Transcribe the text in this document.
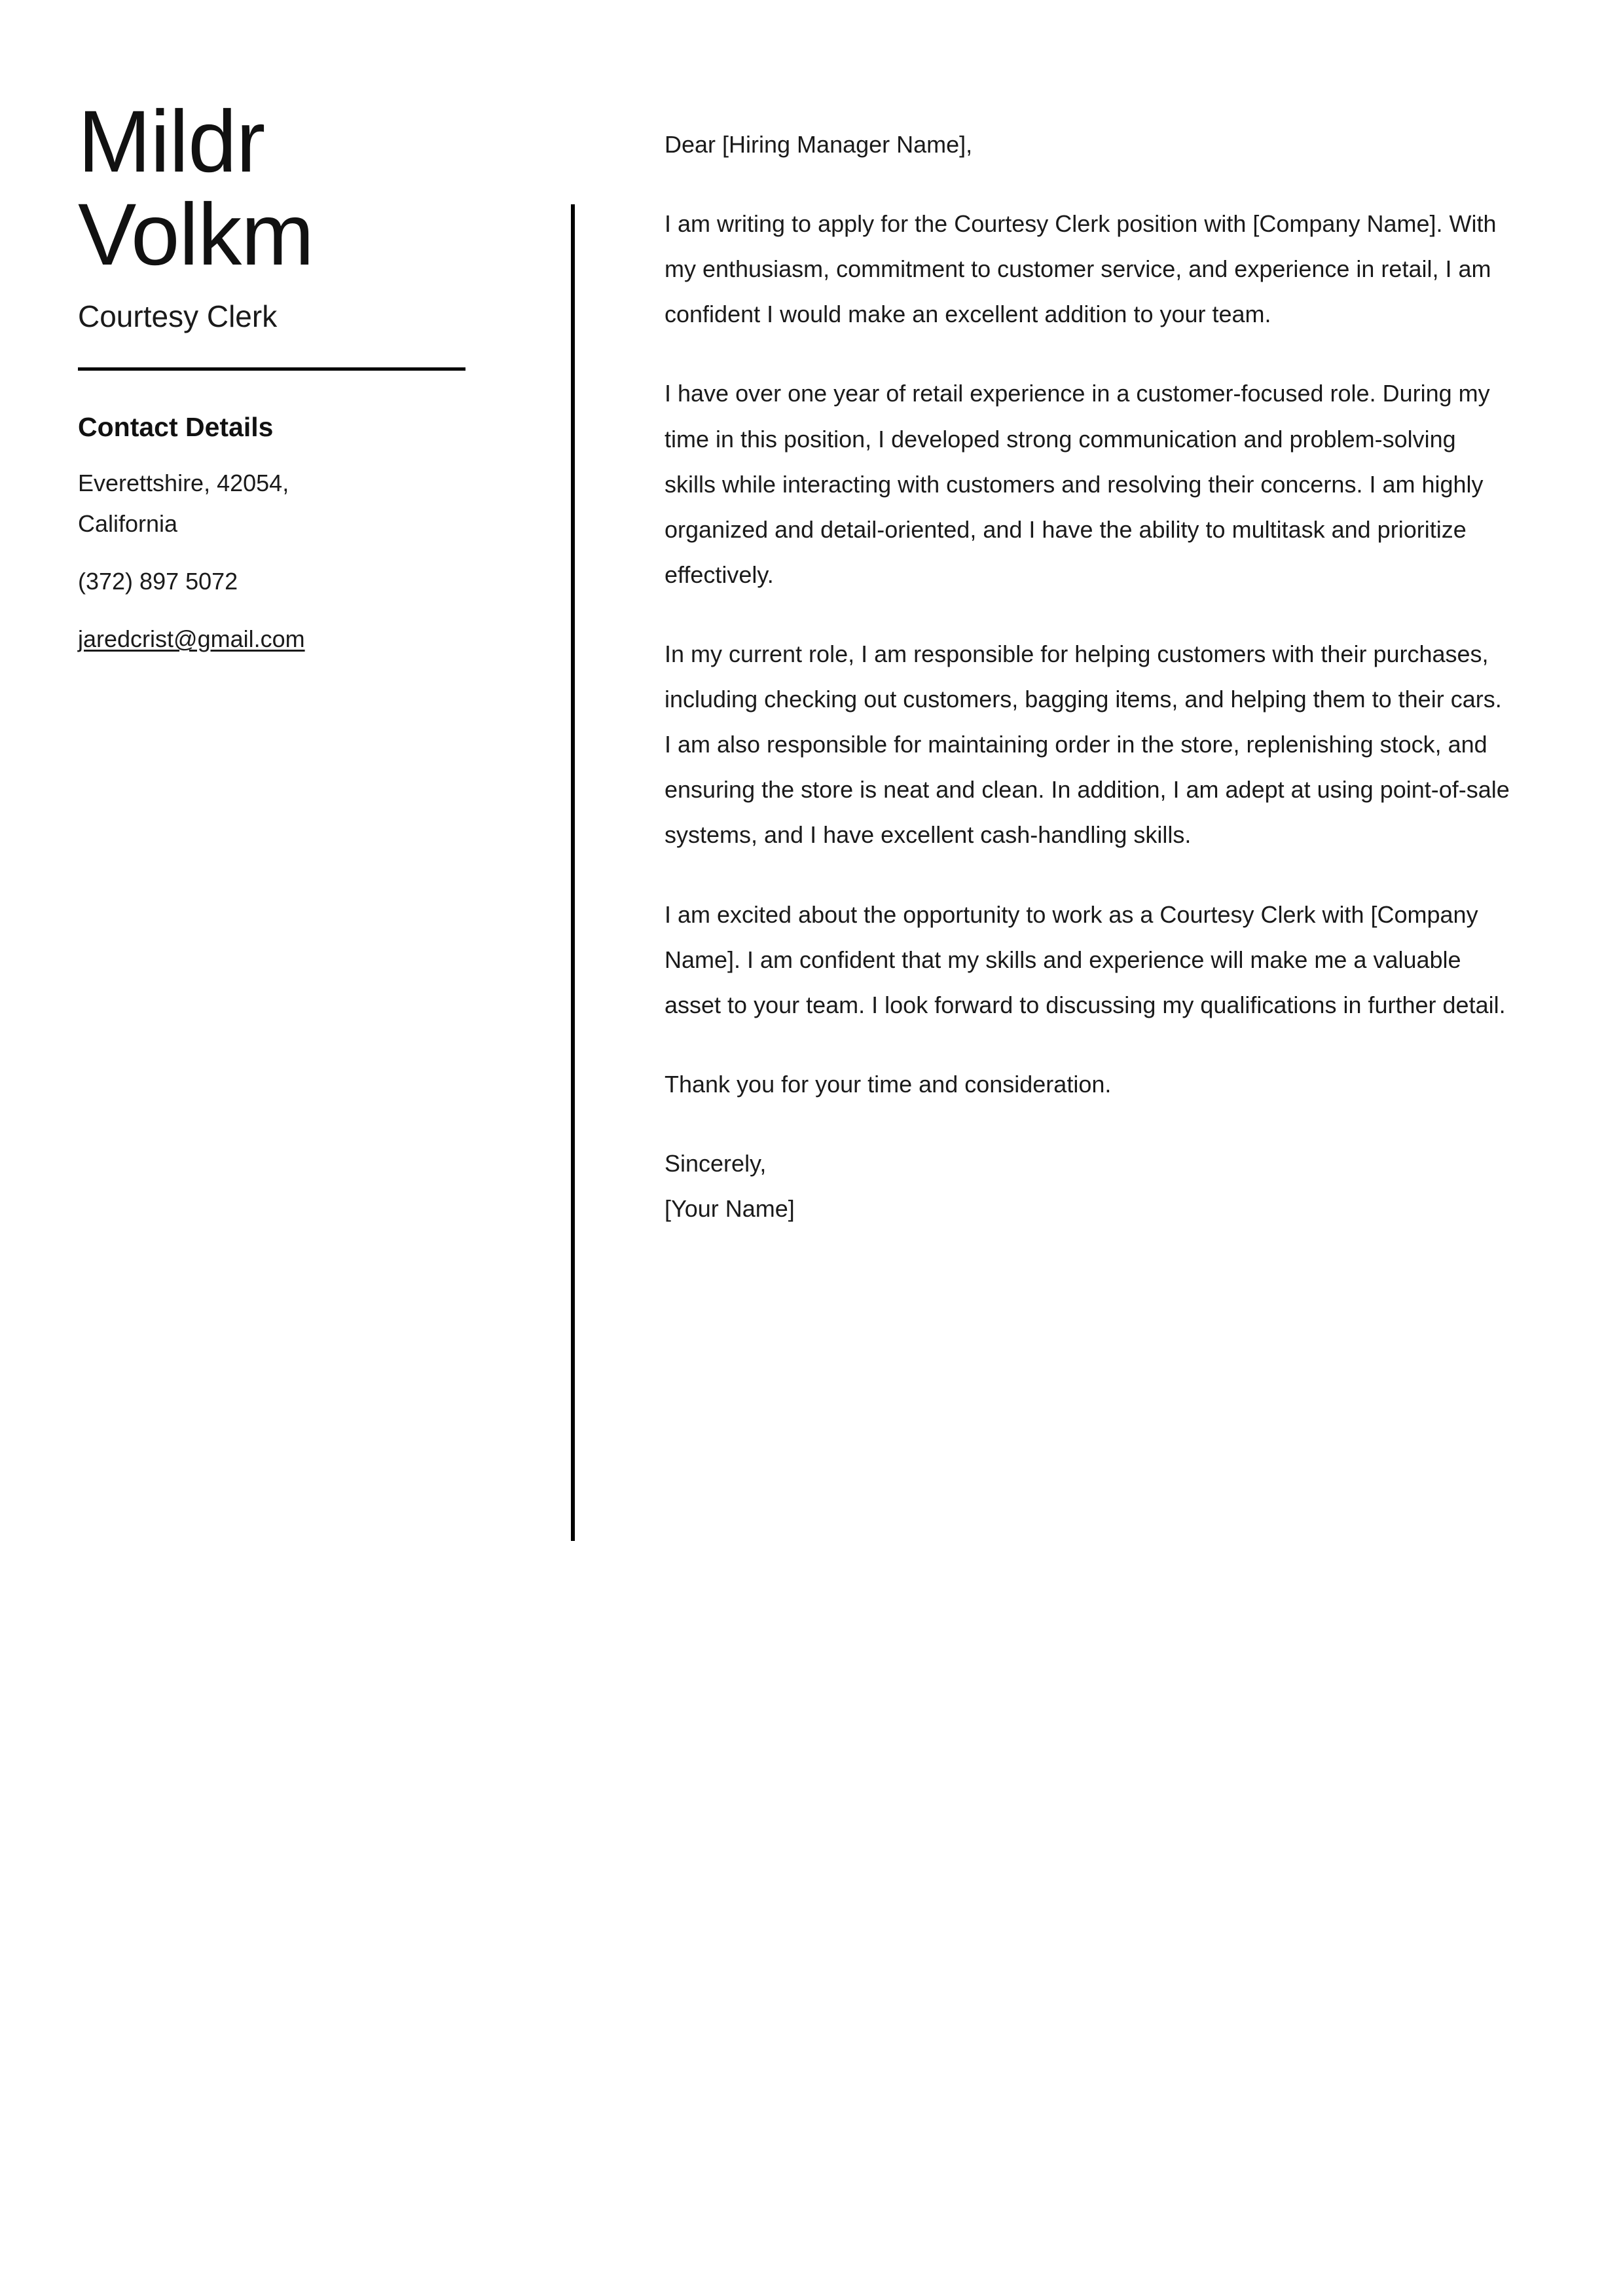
Mildr
Volkm
Courtesy Clerk
Contact Details
Everettshire, 42054, California
(372) 897 5072
jaredcrist@gmail.com

Dear [Hiring Manager Name],

I am writing to apply for the Courtesy Clerk position with [Company Name]. With my enthusiasm, commitment to customer service, and experience in retail, I am confident I would make an excellent addition to your team.

I have over one year of retail experience in a customer-focused role. During my time in this position, I developed strong communication and problem-solving skills while interacting with customers and resolving their concerns. I am highly organized and detail-oriented, and I have the ability to multitask and prioritize effectively.

In my current role, I am responsible for helping customers with their purchases, including checking out customers, bagging items, and helping them to their cars. I am also responsible for maintaining order in the store, replenishing stock, and ensuring the store is neat and clean. In addition, I am adept at using point-of-sale systems, and I have excellent cash-handling skills.

I am excited about the opportunity to work as a Courtesy Clerk with [Company Name]. I am confident that my skills and experience will make me a valuable asset to your team. I look forward to discussing my qualifications in further detail.

Thank you for your time and consideration.

Sincerely,

[Your Name]
